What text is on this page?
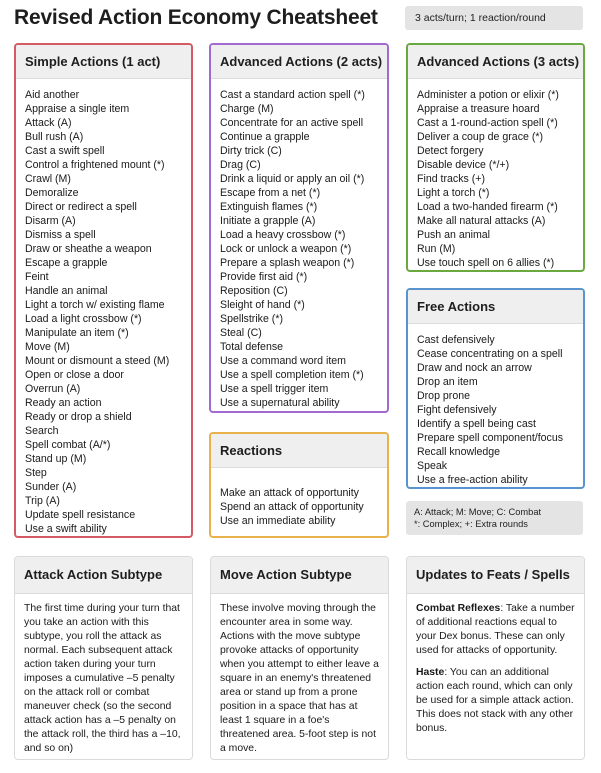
Revised Action Economy Cheatsheet	3 acts/turn; 1 reaction/round
Simple Actions (1 act)
Aid another
Appraise a single item
Attack (A)
Bull rush (A)
Cast a swift spell
Control a frightened mount (*)
Crawl (M)
Demoralize
Direct or redirect a spell
Disarm (A)
Dismiss a spell
Draw or sheathe a weapon
Escape a grapple
Feint
Handle an animal
Light a torch w/ existing flame
Load a light crossbow (*)
Manipulate an item (*)
Move (M)
Mount or dismount a steed (M)
Open or close a door
Overrun (A)
Ready an action
Ready or drop a shield
Search
Spell combat (A/*)
Stand up (M)
Step
Sunder (A)
Trip (A)
Update spell resistance
Use a swift ability
Advanced Actions (2 acts)
Cast a standard action spell (*)
Charge (M)
Concentrate for an active spell
Continue a grapple
Dirty trick (C)
Drag (C)
Drink a liquid or apply an oil (*)
Escape from a net (*)
Extinguish flames (*)
Initiate a grapple (A)
Load a heavy crossbow (*)
Lock or unlock a weapon (*)
Prepare a splash weapon (*)
Provide first aid (*)
Reposition (C)
Sleight of hand (*)
Spellstrike (*)
Steal (C)
Total defense
Use a command word item
Use a spell completion item (*)
Use a spell trigger item
Use a supernatural ability
Advanced Actions (3 acts)
Administer a potion or elixir (*)
Appraise a treasure hoard
Cast a 1-round-action spell (*)
Deliver a coup de grace (*)
Detect forgery
Disable device (*/+)
Find tracks (+)
Light a torch (*)
Load a two-handed firearm (*)
Make all natural attacks (A)
Push an animal
Run (M)
Use touch spell on 6 allies (*)
Free Actions
Cast defensively
Cease concentrating on a spell
Draw and nock an arrow
Drop an item
Drop prone
Fight defensively
Identify a spell being cast
Prepare spell component/focus
Recall knowledge
Speak
Use a free-action ability
Reactions
Make an attack of opportunity
Spend an attack of opportunity
Use an immediate ability
A: Attack; M: Move; C: Combat
*: Complex; +: Extra rounds
Attack Action Subtype

The first time during your turn that you take an action with this subtype, you roll the attack as normal. Each subsequent attack action taken during your turn imposes a cumulative –5 penalty on the attack roll or combat maneuver check (so the second attack action has a –5 penalty on the attack roll, the third has a –10, and so on)

Move Action Subtype

These involve moving through the encounter area in some way. Actions with the move subtype provoke attacks of opportunity when you attempt to either leave a square in an enemy's threatened area or stand up from a prone position in a space that has at least 1 square in a foe's threatened area. 5-foot step is not a move.

Updates to Feats / Spells

Combat Reflexes: Take a number of additional reactions equal to your Dex bonus. These can only used for attacks of opportunity.

Haste: You can an additional action each round, which can only be used for a simple attack action. This does not stack with any other bonus.
